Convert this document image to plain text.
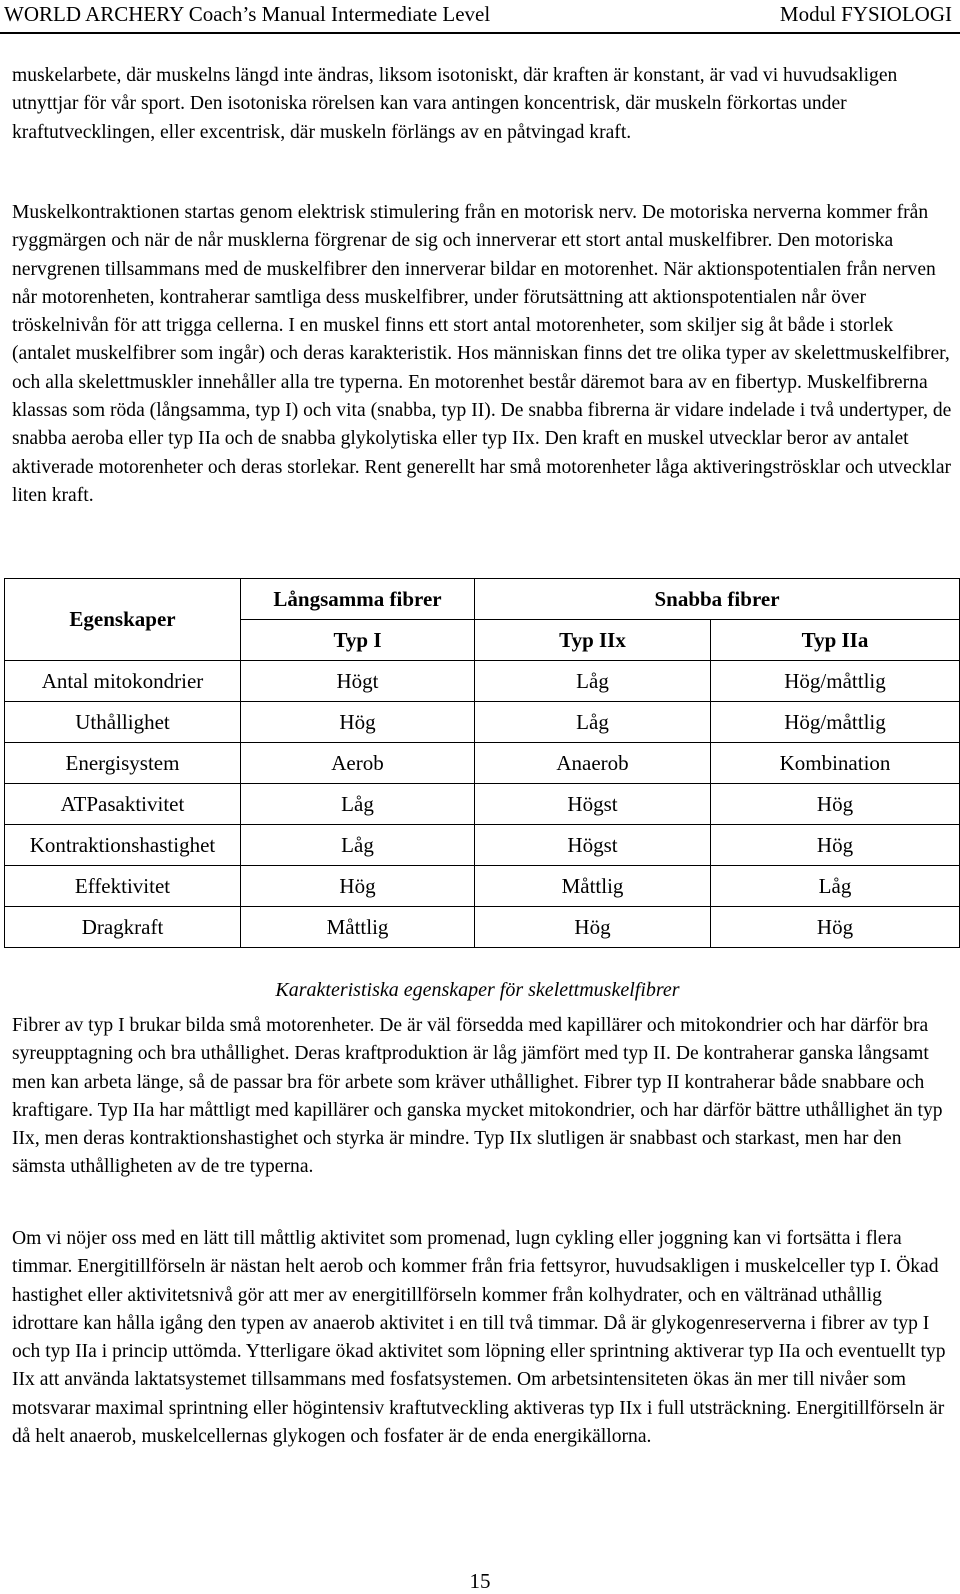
WORLD ARCHERY Coach’s Manual Intermediate Level	Modul FYSIOLOGI

muskelarbete, där muskelns längd inte ändras, liksom isotoniskt, där kraften är konstant, är vad vi huvudsakligen utnyttjar för vår sport. Den isotoniska rörelsen kan vara antingen koncentrisk, där muskeln förkortas under kraftutvecklingen, eller excentrisk, där muskeln förlängs av en påtvingad kraft.

Muskelkontraktionen startas genom elektrisk stimulering från en motorisk nerv. De motoriska nerverna kommer från ryggmärgen och när de når musklerna förgrenar de sig och innerverar ett stort antal muskelfibrer. Den motoriska nervgrenen tillsammans med de muskelfibrer den innerverar bildar en motorenhet. När aktionspotentialen från nerven når motorenheten, kontraherar samtliga dess muskelfibrer, under förutsättning att aktionspotentialen når över tröskelnivån för att trigga cellerna. I en muskel finns ett stort antal motorenheter, som skiljer sig åt både i storlek (antalet muskelfibrer som ingår) och deras karakteristik. Hos människan finns det tre olika typer av skelettmuskelfibrer, och alla skelettmuskler innehåller alla tre typerna. En motorenhet består däremot bara av en fibertyp. Muskelfibrerna klassas som röda (långsamma, typ I) och vita (snabba, typ II). De snabba fibrerna är vidare indelade i två undertyper, de snabba aeroba eller typ IIa och de snabba glykolytiska eller typ IIx. Den kraft en muskel utvecklar beror av antalet aktiverade motorenheter och deras storlekar. Rent generellt har små motorenheter låga aktiveringströsklar och utvecklar liten kraft.

Egenskaper	Långsamma fibrer	Snabba fibrer	
	Typ I	Typ IIx	Typ IIa
Antal mitokondrier	Högt	Låg	Hög/måttlig
Uthållighet	Hög	Låg	Hög/måttlig
Energisystem	Aerob	Anaerob	Kombination
ATPasaktivitet	Låg	Högst	Hög
Kontraktionshastighet	Låg	Högst	Hög
Effektivitet	Hög	Måttlig	Låg
Dragkraft	Måttlig	Hög	Hög
Karakteristiska egenskaper för skelettmuskelfibrer

Fibrer av typ I brukar bilda små motorenheter. De är väl försedda med kapillärer och mitokondrier och har därför bra syreupptagning och bra uthållighet. Deras kraftproduktion är låg jämfört med typ II. De kontraherar ganska långsamt men kan arbeta länge, så de passar bra för arbete som kräver uthållighet. Fibrer typ II kontraherar både snabbare och kraftigare. Typ IIa har måttligt med kapillärer och ganska mycket mitokondrier, och har därför bättre uthållighet än typ IIx, men deras kontraktionshastighet och styrka är mindre. Typ IIx slutligen är snabbast och starkast, men har den sämsta uthålligheten av de tre typerna.

Om vi nöjer oss med en lätt till måttlig aktivitet som promenad, lugn cykling eller joggning kan vi fortsätta i flera timmar. Energitillförseln är nästan helt aerob och kommer från fria fettsyror, huvudsakligen i muskelceller typ I. Ökad hastighet eller aktivitetsnivå gör att mer av energitillförseln kommer från kolhydrater, och en vältränad uthållig idrottare kan hålla igång den typen av anaerob aktivitet i en till två timmar. Då är glykogenreserverna i fibrer av typ I och typ IIa i princip uttömda. Ytterligare ökad aktivitet som löpning eller sprintning aktiverar typ IIa och eventuellt typ IIx att använda laktatsystemet tillsammans med fosfatsystemen. Om arbetsintensiteten ökas än mer till nivåer som motsvarar maximal sprintning eller högintensiv kraftutveckling aktiveras typ IIx i full utsträckning. Energitillförseln är då helt anaerob, muskelcellernas glykogen och fosfater är de enda energikällorna.

15
